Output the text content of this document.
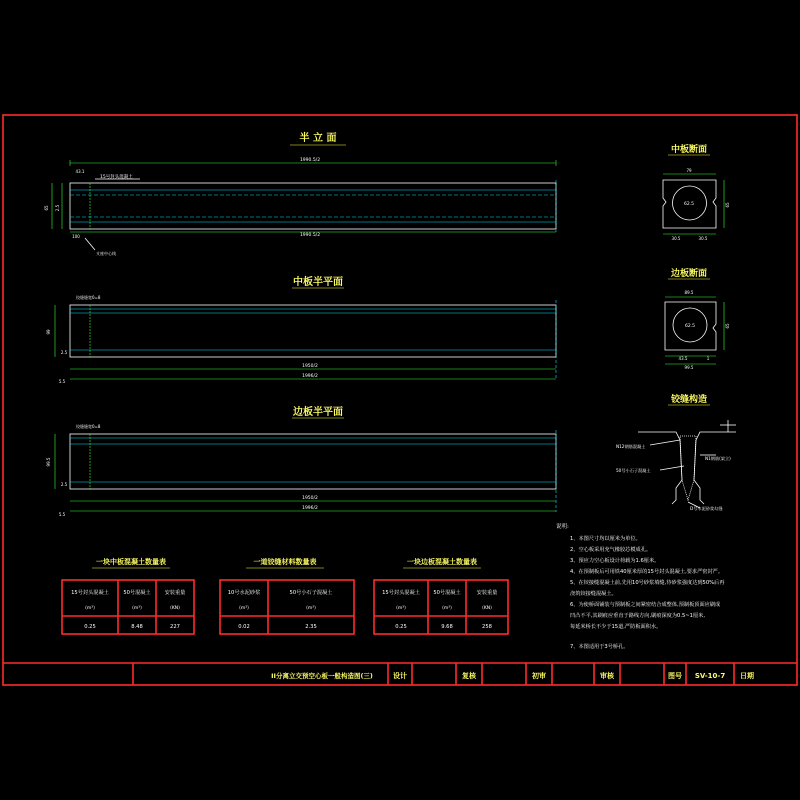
半 立 面
1990.5/2
43.1
15号封头混凝土
65 2.5
100	1990.5/2
支座中心线
中板半平面
铰缝缝宽0=8
99
2.5
1950/2
1996/2
5.5
边板半平面
铰缝缝宽0=8
99.5
2.5
1950/2
1996/2
5.5
中板断面
79
62.5	65
30.5	30.5
边板断面
89.5
62.5	65
43.5	1
99.5
铰缝构造
N12钢筋混凝土
N1钢筋(架立)
50号小石子混凝土
D号水泥砂浆勾缝
说明:
1、本图尺寸均以厘米为单位。
2、空心板采用充气橡胶芯模成孔。
3、预应力空心板设计荷载为1.6厘米。
4、在预制板后可用铁40厘米厚的15号封头混凝土,要求严密封严。
5、在铰接缝混凝土前,先用10号砂浆填缝,待砂浆强度达到50%后再
浇筑铰接缝混凝土。
6、为使桥面铺装与预制板之间紧密结合成整体,预制板顶面应刷成
凹凸不平,其刷痕应垂直于路线方向,刷痕深度为0.5~1厘米,
每延米桥长不少于15道,严防板面积水。
7、本图适用于3号桥孔。
一块中板混凝土数量表
15号封头混凝土	50号混凝土	安装重量
(m³)	(m³)	(KN)
0.25	8.48	227
一道铰缝材料数量表
10号水泥砂浆	50号小石子混凝土
(m³)	(m³)
0.02	2.35
一块边板混凝土数量表
15号封头混凝土	50号混凝土	安装重量
(m³)	(m³)	(KN)
0.25	9.68	258
II分离立交预空心板一般构造图(三)	设计	复核	初审	审核	图号 SV-10-7 日期
